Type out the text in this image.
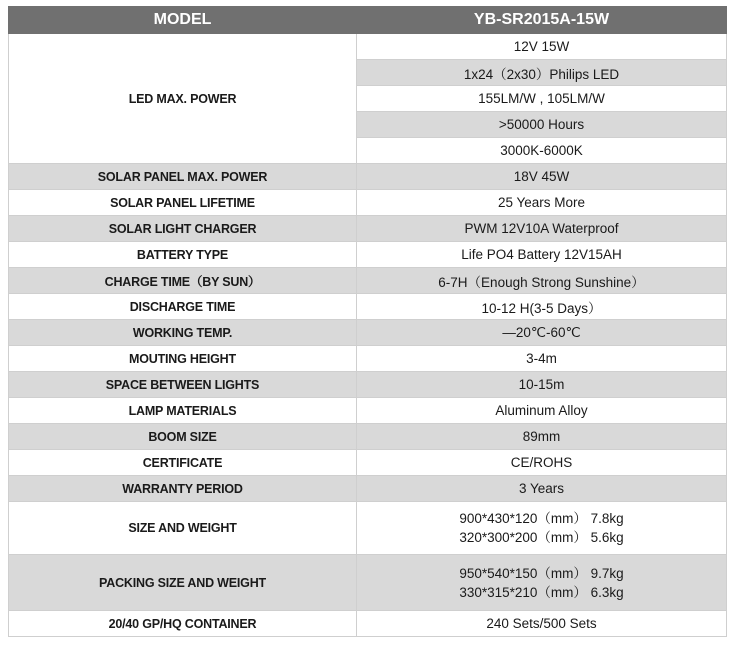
MODEL	YB-SR2015A-15W
LED MAX. POWER	12V 15W
	1x24（2x30）Philips LED
	155LM/W , 105LM/W
	>50000 Hours
	3000K-6000K
SOLAR PANEL MAX. POWER	18V 45W
SOLAR PANEL LIFETIME	25 Years More
SOLAR LIGHT CHARGER	PWM 12V10A Waterproof
BATTERY TYPE	Life PO4 Battery 12V15AH
CHARGE TIME（BY SUN）	6-7H（Enough Strong Sunshine）
DISCHARGE TIME	10-12 H(3-5 Days）
WORKING TEMP.	—20℃-60℃
MOUTING HEIGHT	3-4m
SPACE BETWEEN LIGHTS	10-15m
LAMP MATERIALS	Aluminum Alloy
BOOM SIZE	89mm
CERTIFICATE	CE/ROHS
WARRANTY PERIOD	3 Years
SIZE AND WEIGHT	900*430*120（mm） 7.8kg
320*300*200（mm） 5.6kg

PACKING SIZE AND WEIGHT	950*540*150（mm） 9.7kg
330*315*210（mm） 6.3kg

20/40 GP/HQ CONTAINER	240 Sets/500 Sets
